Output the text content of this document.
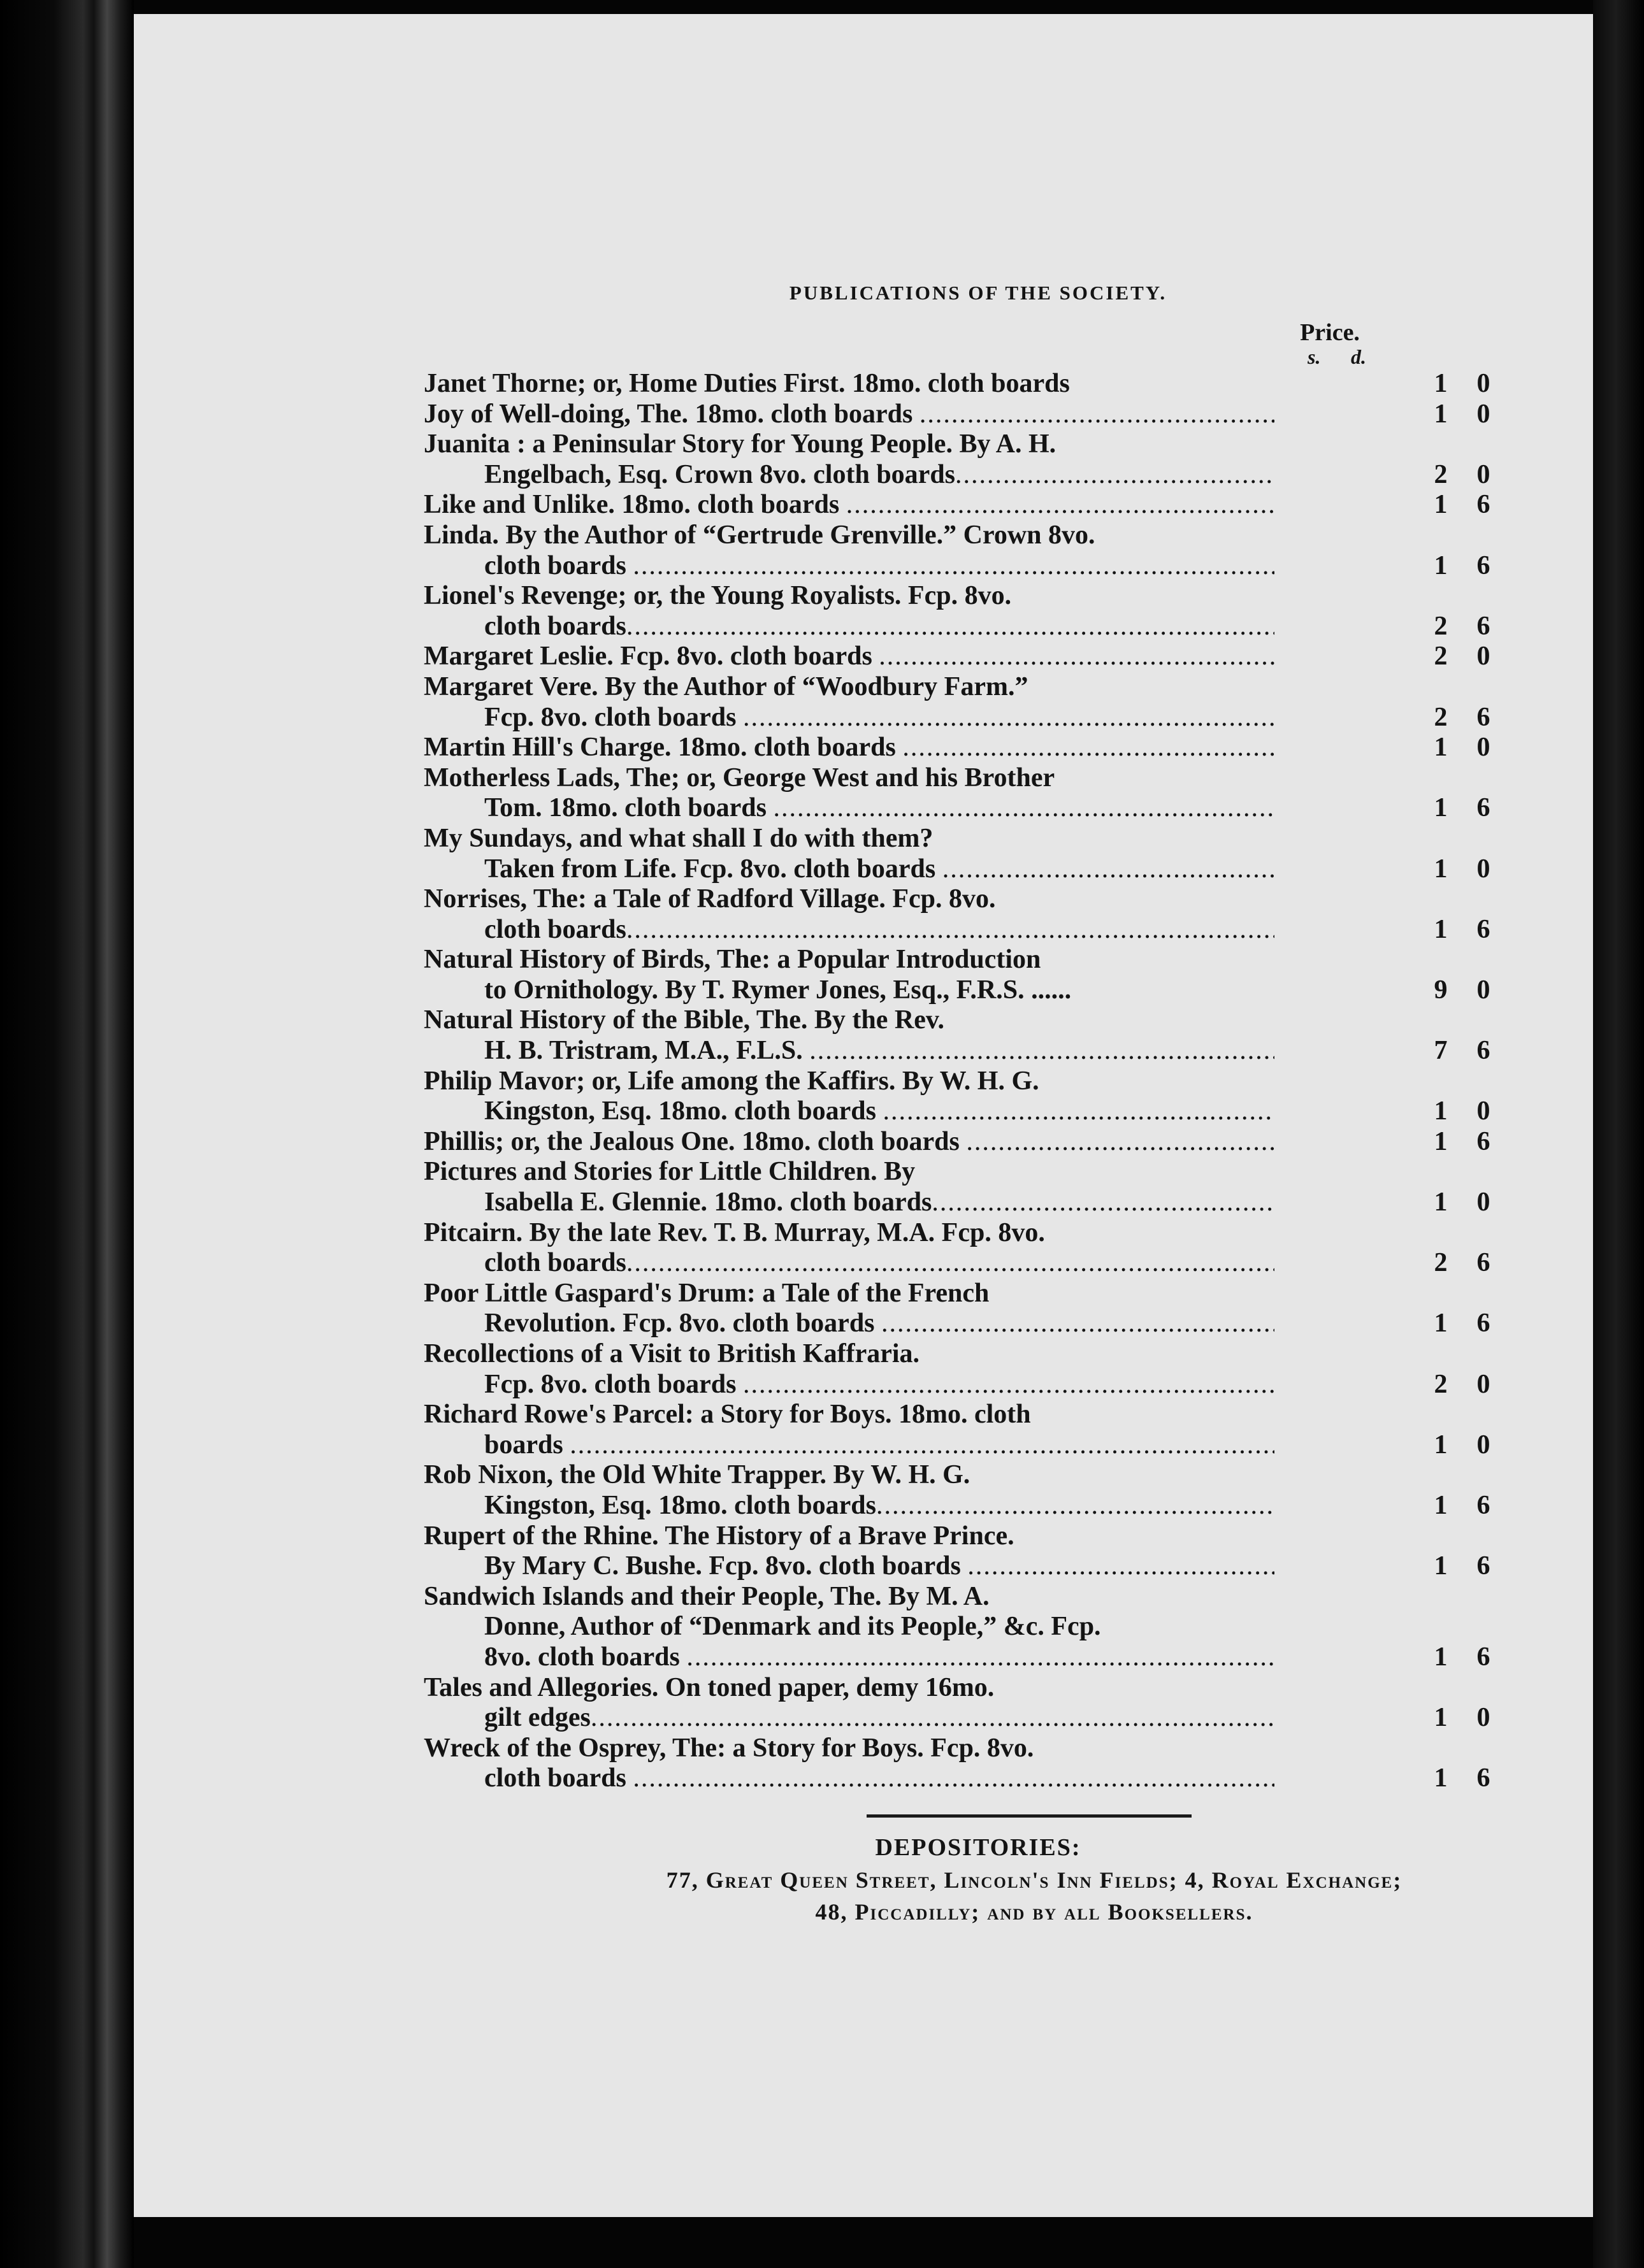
PUBLICATIONS OF THE SOCIETY.
Price.
s. d.
Janet Thorne; or, Home Duties First. 18mo. cloth boards	1 0
Joy of Well-doing, The. 18mo. cloth boards .....	1 0
Juanita : a Peninsular Story for Young People. By A. H.
Engelbach, Esq. Crown 8vo. cloth boards .....	2 0
Like and Unlike. 18mo. cloth boards .....	1 6
Linda. By the Author of “Gertrude Grenville.” Crown 8vo.
cloth boards .....	1 6
Lionel's Revenge; or, the Young Royalists. Fcp. 8vo.
cloth boards .....	2 6
Margaret Leslie. Fcp. 8vo. cloth boards .....	2 0
Margaret Vere. By the Author of “Woodbury Farm.”
Fcp. 8vo. cloth boards .....	2 6
Martin Hill's Charge. 18mo. cloth boards .....	1 0
Motherless Lads, The; or, George West and his Brother
Tom. 18mo. cloth boards .....	1 6
My Sundays, and what shall I do with them?
Taken from Life. Fcp. 8vo. cloth boards .....	1 0
Norrises, The: a Tale of Radford Village. Fcp. 8vo.
cloth boards .....	1 6
Natural History of Birds, The: a Popular Introduction
to Ornithology. By T. Rymer Jones, Esq., F.R.S. ......	9 0
Natural History of the Bible, The. By the Rev.
H. B. Tristram, M.A., F.L.S. .....	7 6
Philip Mavor; or, Life among the Kaffirs. By W. H. G.
Kingston, Esq. 18mo. cloth boards .....	1 0
Phillis; or, the Jealous One. 18mo. cloth boards .....	1 6
Pictures and Stories for Little Children. By
Isabella E. Glennie. 18mo. cloth boards .....	1 0
Pitcairn. By the late Rev. T. B. Murray, M.A. Fcp. 8vo.
cloth boards .....	2 6
Poor Little Gaspard's Drum: a Tale of the French
Revolution. Fcp. 8vo. cloth boards .....	1 6
Recollections of a Visit to British Kaffraria.
Fcp. 8vo. cloth boards .....	2 0
Richard Rowe's Parcel: a Story for Boys. 18mo. cloth
boards .....	1 0
Rob Nixon, the Old White Trapper. By W. H. G.
Kingston, Esq. 18mo. cloth boards .....	1 6
Rupert of the Rhine. The History of a Brave Prince.
By Mary C. Bushe. Fcp. 8vo. cloth boards .....	1 6
Sandwich Islands and their People, The. By M. A.
Donne, Author of “Denmark and its People,” &c. Fcp.
8vo. cloth boards .....	1 6
Tales and Allegories. On toned paper, demy 16mo.
gilt edges .....	1 0
Wreck of the Osprey, The: a Story for Boys. Fcp. 8vo.
cloth boards .....	1 6
DEPOSITORIES:
77, Great Queen Street, Lincoln's Inn Fields; 4, Royal Exchange;
48, Piccadilly; and by all Booksellers.
